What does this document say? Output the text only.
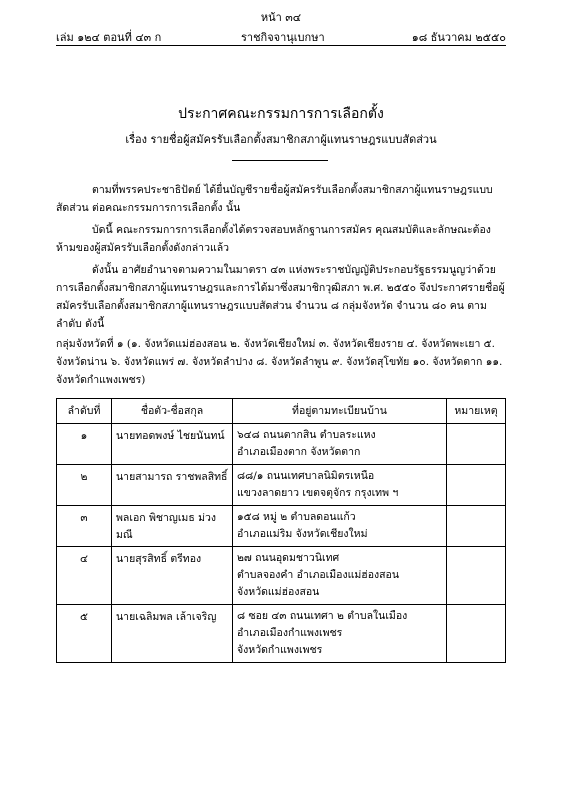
หน้า ๓๔
เล่ม ๑๒๔ ตอนที่ ๔๓ ก	ราชกิจจานุเบกษา	๑๘ ธันวาคม ๒๕๕๐
ประกาศคณะกรรมการการเลือกตั้ง
เรื่อง รายชื่อผู้สมัครรับเลือกตั้งสมาชิกสภาผู้แทนราษฎรแบบสัดส่วน
ตามที่พรรคประชาธิปัตย์ ได้ยื่นบัญชีรายชื่อผู้สมัครรับเลือกตั้งสมาชิกสภาผู้แทนราษฎรแบบสัดส่วน ต่อคณะกรรมการการเลือกตั้ง นั้น
บัดนี้ คณะกรรมการการเลือกตั้งได้ตรวจสอบหลักฐานการสมัคร คุณสมบัติและลักษณะต้องห้ามของผู้สมัครรับเลือกตั้งดังกล่าวแล้ว
ดังนั้น อาศัยอำนาจตามความในมาตรา ๔๓ แห่งพระราชบัญญัติประกอบรัฐธรรมนูญว่าด้วยการเลือกตั้งสมาชิกสภาผู้แทนราษฎรและการได้มาซึ่งสมาชิกวุฒิสภา พ.ศ. ๒๕๕๐ จึงประกาศรายชื่อผู้สมัครรับเลือกตั้งสมาชิกสภาผู้แทนราษฎรแบบสัดส่วน จำนวน ๘ กลุ่มจังหวัด จำนวน ๘๐ คน ตามลำดับ ดังนี้
กลุ่มจังหวัดที่ ๑ (๑. จังหวัดแม่ฮ่องสอน ๒. จังหวัดเชียงใหม่ ๓. จังหวัดเชียงราย ๔. จังหวัดพะเยา ๕. จังหวัดน่าน ๖. จังหวัดแพร่ ๗. จังหวัดลำปาง ๘. จังหวัดลำพูน ๙. จังหวัดสุโขทัย ๑๐. จังหวัดตาก ๑๑. จังหวัดกำแพงเพชร)
ลำดับที่	ชื่อตัว-ชื่อสกุล	ที่อยู่ตามทะเบียนบ้าน	หมายเหตุ
๑	นายทอดพงษ์ ไชยนันทน์	๖๔๘ ถนนตากสิน ตำบลระแหง
อำเภอเมืองตาก จังหวัดตาก	

๒	นายสามารถ ราชพลสิทธิ์	๘๘/๑ ถนนเทศบาลนิมิตรเหนือ
แขวงลาดยาว เขตจตุจักร กรุงเทพ ฯ	

๓	พลเอก พิชาญเมธ ม่วงมณี	๑๕๘ หมู่ ๒ ตำบลดอนแก้ว
อำเภอแม่ริม จังหวัดเชียงใหม่	

๔	นายสุรสิทธิ์ ตรีทอง	๒๗ ถนนอุดมชาวนิเทศ
ตำบลจองคำ อำเภอเมืองแม่ฮ่องสอน
จังหวัดแม่ฮ่องสอน	

๕	นายเฉลิมพล เล้าเจริญ	๘ ซอย ๔๓ ถนนเทศา ๒ ตำบลในเมือง
อำเภอเมืองกำแพงเพชร
จังหวัดกำแพงเพชร	
